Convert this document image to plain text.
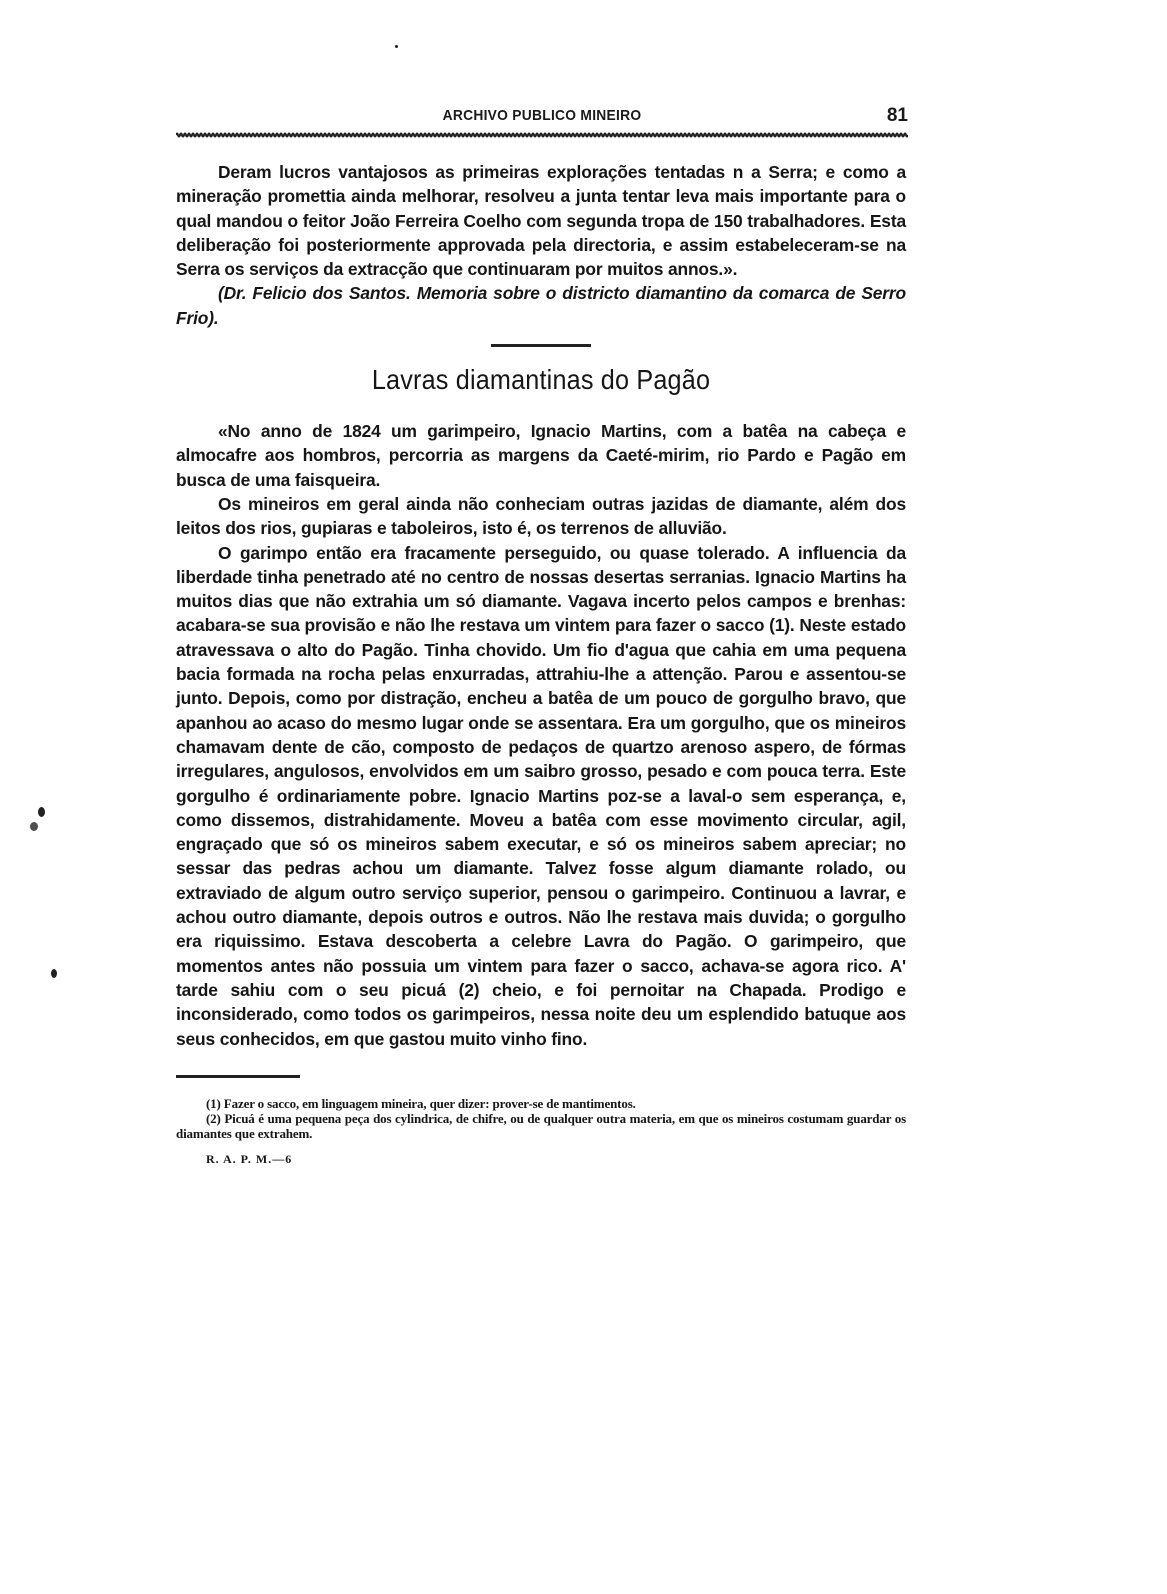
ARCHIVO PUBLICO MINEIRO	81

Deram lucros vantajosos as primeiras explorações tentadas n a Serra; e como a mineração promettia ainda melhorar, resolveu a junta tentar leva mais importante para o qual mandou o feitor João Ferreira Coelho com segunda tropa de 150 trabalhadores. Esta deliberação foi posteriormente approvada pela directoria, e assim estabeleceram-se na Serra os serviços da extracção que continuaram por muitos annos.».

(Dr. Felicio dos Santos. Memoria sobre o districto diamantino da comarca de Serro Frio).

Lavras diamantinas do Pagão

«No anno de 1824 um garimpeiro, Ignacio Martins, com a batêa na cabeça e almocafre aos hombros, percorria as margens da Caeté-mirim, rio Pardo e Pagão em busca de uma faisqueira.

Os mineiros em geral ainda não conheciam outras jazidas de diamante, além dos leitos dos rios, gupiaras e taboleiros, isto é, os terrenos de alluvião.

O garimpo então era fracamente perseguido, ou quase tolerado. A influencia da liberdade tinha penetrado até no centro de nossas desertas serranias. Ignacio Martins ha muitos dias que não extrahia um só diamante. Vagava incerto pelos campos e brenhas: acabara-se sua provisão e não lhe restava um vintem para fazer o sacco (1). Neste estado atravessava o alto do Pagão. Tinha chovido. Um fio d'agua que cahia em uma pequena bacia formada na rocha pelas enxurradas, attrahiu-lhe a attenção. Parou e assentou-se junto. Depois, como por distração, encheu a batêa de um pouco de gorgulho bravo, que apanhou ao acaso do mesmo lugar onde se assentara. Era um gorgulho, que os mineiros chamavam dente de cão, composto de pedaços de quartzo arenoso aspero, de fórmas irregulares, angulosos, envolvidos em um saibro grosso, pesado e com pouca terra. Este gorgulho é ordinariamente pobre. Ignacio Martins poz-se a laval-o sem esperança, e, como dissemos, distrahidamente. Moveu a batêa com esse movimento circular, agil, engraçado que só os mineiros sabem executar, e só os mineiros sabem apreciar; no sessar das pedras achou um diamante. Talvez fosse algum diamante rolado, ou extraviado de algum outro serviço superior, pensou o garimpeiro. Continuou a lavrar, e achou outro diamante, depois outros e outros. Não lhe restava mais duvida; o gorgulho era riquissimo. Estava descoberta a celebre Lavra do Pagão. O garimpeiro, que momentos antes não possuia um vintem para fazer o sacco, achava-se agora rico. A' tarde sahiu com o seu picuá (2) cheio, e foi pernoitar na Chapada. Prodigo e inconsiderado, como todos os garimpeiros, nessa noite deu um esplendido batuque aos seus conhecidos, em que gastou muito vinho fino.

(1) Fazer o sacco, em linguagem mineira, quer dizer: prover-se de mantimentos.

(2) Picuá é uma pequena peça dos cylindrica, de chifre, ou de qualquer outra materia, em que os mineiros costumam guardar os diamantes que extrahem.

R. A. P. M.—6
